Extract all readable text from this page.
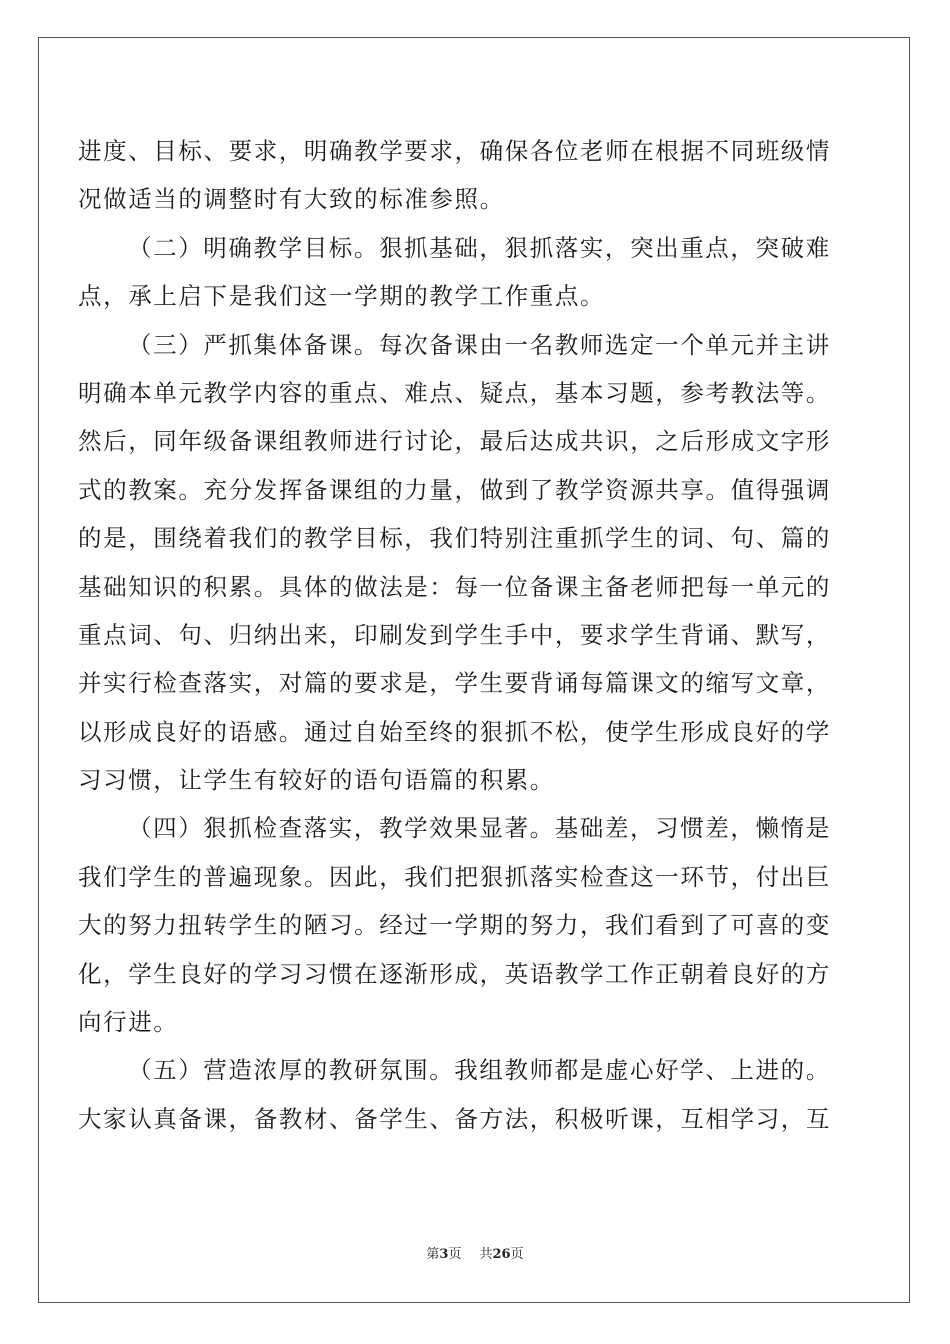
进度、目标、要求，明确教学要求，确保各位老师在根据不同班级情
况做适当的调整时有大致的标准参照。
（二）明确教学目标。狠抓基础，狠抓落实，突出重点，突破难
点，承上启下是我们这一学期的教学工作重点。
（三）严抓集体备课。每次备课由一名教师选定一个单元并主讲
明确本单元教学内容的重点、难点、疑点，基本习题，参考教法等。
然后，同年级备课组教师进行讨论，最后达成共识，之后形成文字形
式的教案。充分发挥备课组的力量，做到了教学资源共享。值得强调
的是，围绕着我们的教学目标，我们特别注重抓学生的词、句、篇的
基础知识的积累。具体的做法是：每一位备课主备老师把每一单元的
重点词、句、归纳出来，印刷发到学生手中，要求学生背诵、默写，
并实行检查落实，对篇的要求是，学生要背诵每篇课文的缩写文章，
以形成良好的语感。通过自始至终的狠抓不松，使学生形成良好的学
习习惯，让学生有较好的语句语篇的积累。
（四）狠抓检查落实，教学效果显著。基础差，习惯差，懒惰是
我们学生的普遍现象。因此，我们把狠抓落实检查这一环节，付出巨
大的努力扭转学生的陋习。经过一学期的努力，我们看到了可喜的变
化，学生良好的学习习惯在逐渐形成，英语教学工作正朝着良好的方
向行进。
（五）营造浓厚的教研氛围。我组教师都是虚心好学、上进的。
大家认真备课，备教材、备学生、备方法，积极听课，互相学习，互
第3页 共26页
